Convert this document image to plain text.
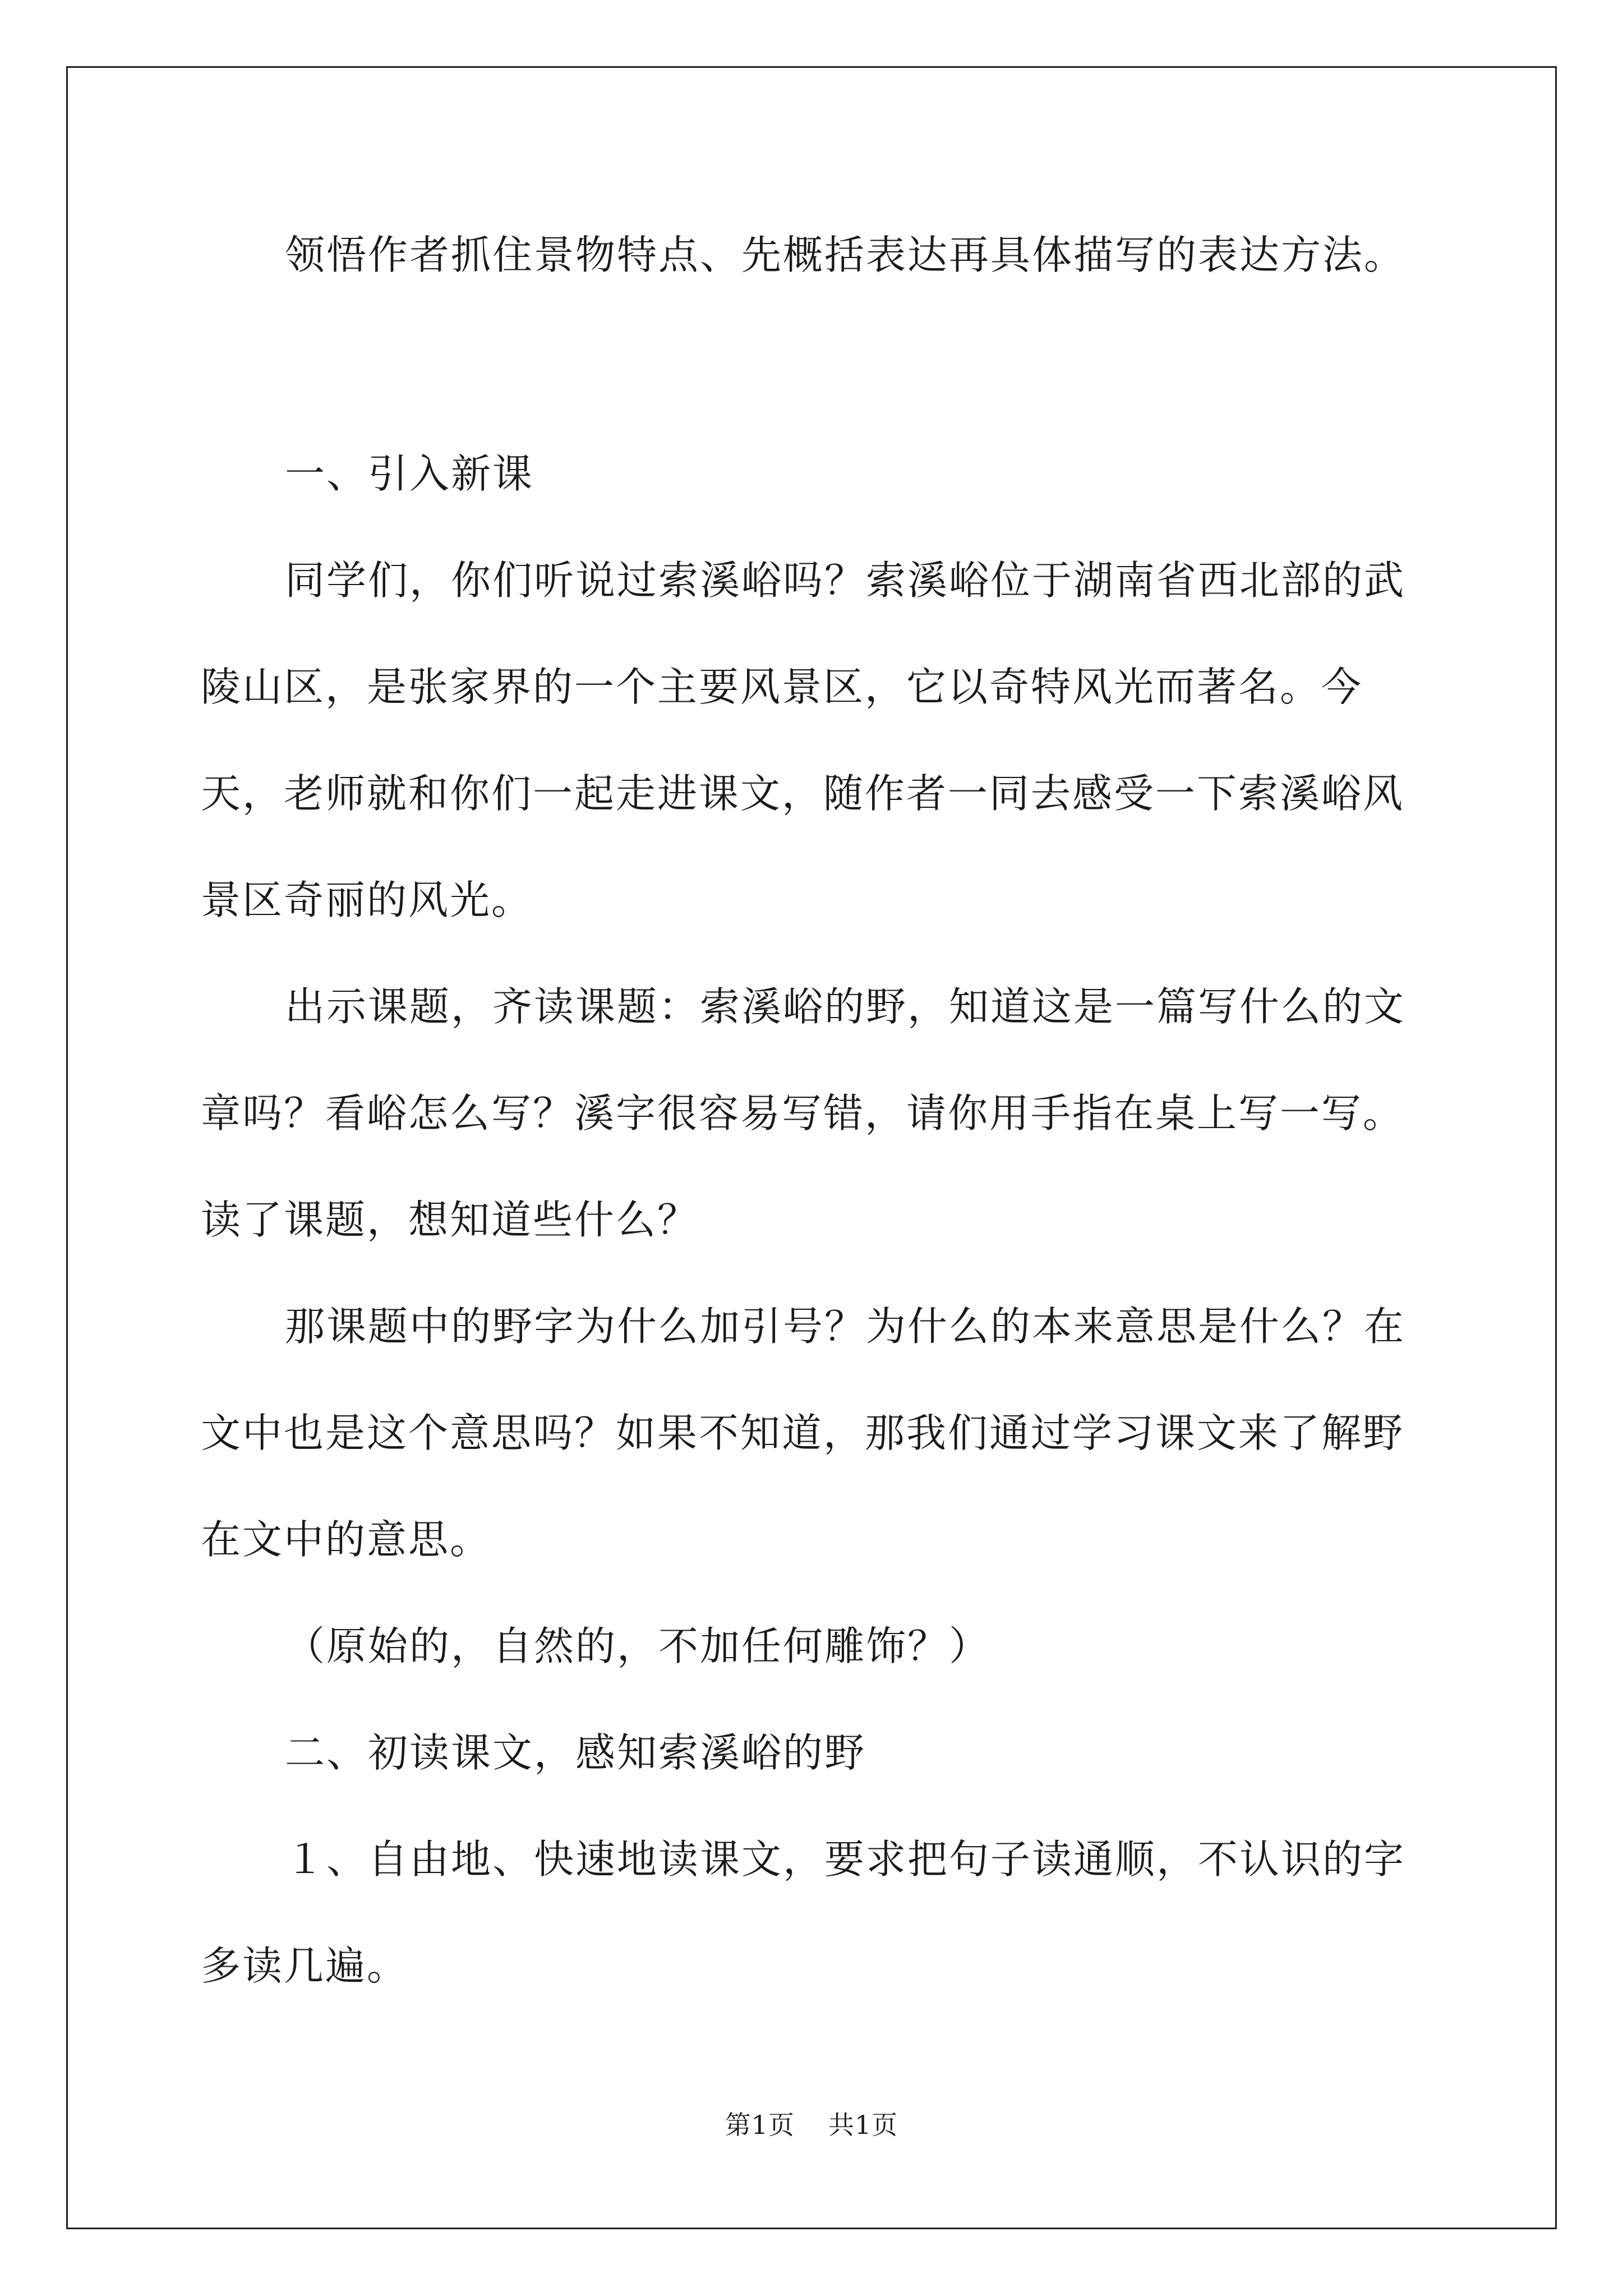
领悟作者抓住景物特点、先概括表达再具体描写的表达方法。

一、引入新课

同学们，你们听说过索溪峪吗？索溪峪位于湖南省西北部的武陵山区，是张家界的一个主要风景区，它以奇特风光而著名。今天，老师就和你们一起走进课文，随作者一同去感受一下索溪峪风景区奇丽的风光。

出示课题，齐读课题：索溪峪的野，知道这是一篇写什么的文章吗？看峪怎么写？溪字很容易写错，请你用手指在桌上写一写。读了课题，想知道些什么？

那课题中的野字为什么加引号？为什么的本来意思是什么？在文中也是这个意思吗？如果不知道，那我们通过学习课文来了解野在文中的意思。

（原始的，自然的，不加任何雕饰？）

二、初读课文，感知索溪峪的野

１、自由地、快速地读课文，要求把句子读通顺，不认识的字多读几遍。

第1页 共1页
